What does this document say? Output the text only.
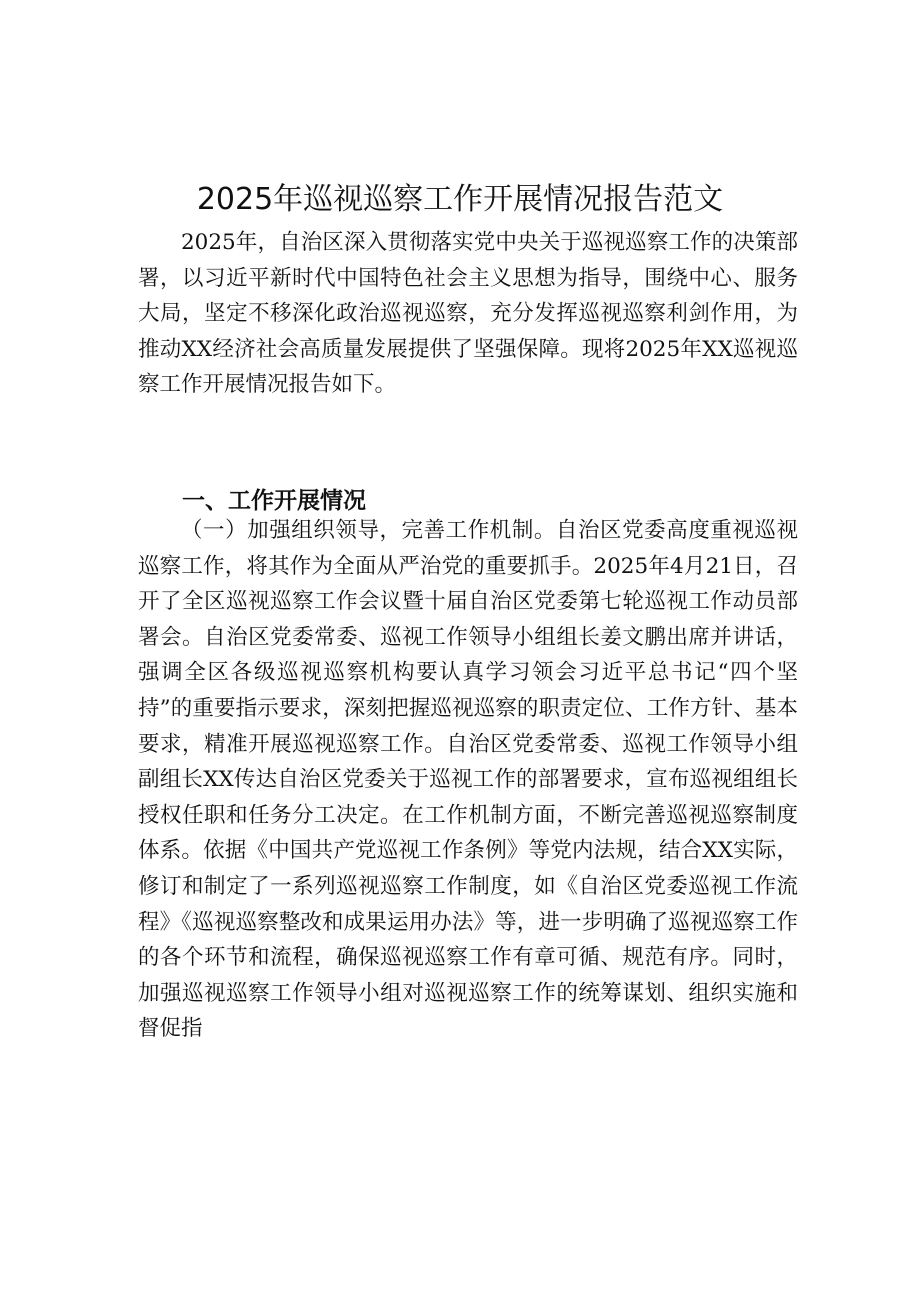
2025年巡视巡察工作开展情况报告范文

2025年，自治区深入贯彻落实党中央关于巡视巡察工作的决策部署，以习近平新时代中国特色社会主义思想为指导，围绕中心、服务大局，坚定不移深化政治巡视巡察，充分发挥巡视巡察利剑作用，为推动XX经济社会高质量发展提供了坚强保障。现将2025年XX巡视巡察工作开展情况报告如下。

一、工作开展情况

（一）加强组织领导，完善工作机制。自治区党委高度重视巡视巡察工作，将其作为全面从严治党的重要抓手。2025年4月21日，召开了全区巡视巡察工作会议暨十届自治区党委第七轮巡视工作动员部署会。自治区党委常委、巡视工作领导小组组长姜文鹏出席并讲话，强调全区各级巡视巡察机构要认真学习领会习近平总书记“四个坚持”的重要指示要求，深刻把握巡视巡察的职责定位、工作方针、基本要求，精准开展巡视巡察工作。自治区党委常委、巡视工作领导小组副组长XX传达自治区党委关于巡视工作的部署要求，宣布巡视组组长授权任职和任务分工决定。在工作机制方面，不断完善巡视巡察制度体系。依据《中国共产党巡视工作条例》等党内法规，结合XX实际，修订和制定了一系列巡视巡察工作制度，如《自治区党委巡视工作流程》《巡视巡察整改和成果运用办法》等，进一步明确了巡视巡察工作的各个环节和流程，确保巡视巡察工作有章可循、规范有序。同时，加强巡视巡察工作领导小组对巡视巡察工作的统筹谋划、组织实施和督促指
